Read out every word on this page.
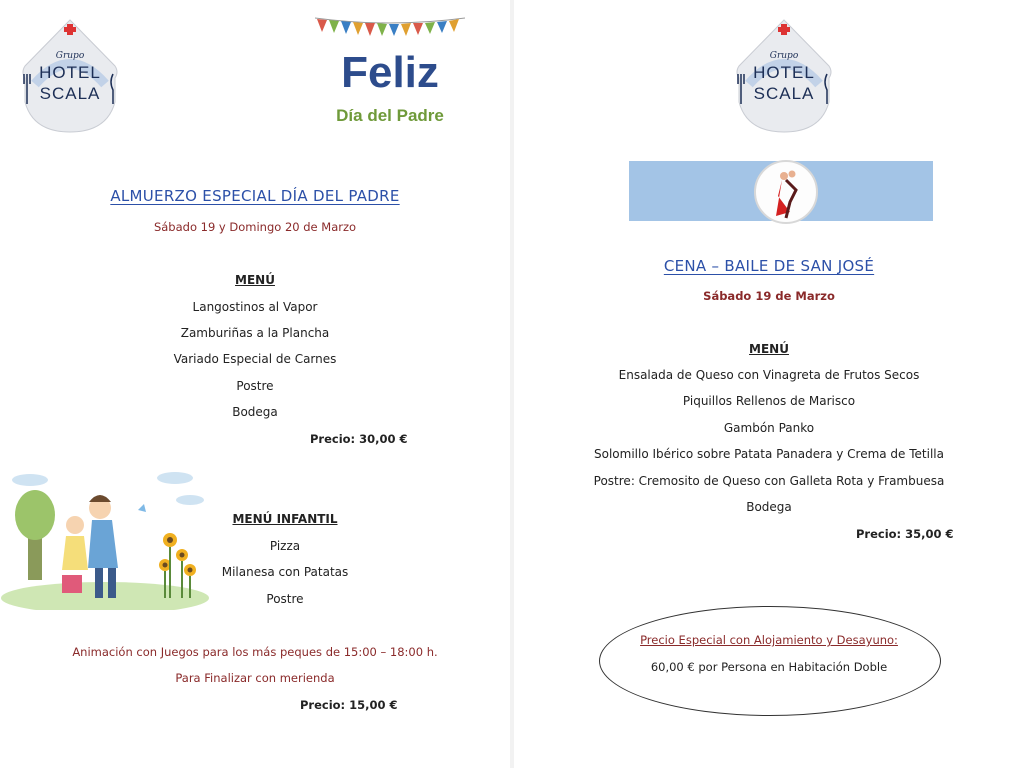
Grupo
HOTEL
SCALA	Feliz
Día del Padre
Grupo
HOTEL
SCALA
ALMUERZO ESPECIAL DÍA DEL PADRE
Sábado 19 y Domingo 20 de Marzo
MENÚ
Langostinos al Vapor
Zamburiñas a la Plancha
Variado Especial de Carnes
Postre
Bodega
Precio: 30,00 €
MENÚ INFANTIL
Pizza
Milanesa con Patatas
Postre
Animación con Juegos para los más peques de 15:00 – 18:00 h.
Para Finalizar con merienda
Precio: 15,00 €
CENA – BAILE DE SAN JOSÉ
Sábado 19 de Marzo
MENÚ
Ensalada de Queso con Vinagreta de Frutos Secos
Piquillos Rellenos de Marisco
Gambón Panko
Solomillo Ibérico sobre Patata Panadera y Crema de Tetilla
Postre: Cremosito de Queso con Galleta Rota y Frambuesa
Bodega
Precio: 35,00 €
Precio Especial con Alojamiento y Desayuno:
60,00 € por Persona en Habitación Doble
